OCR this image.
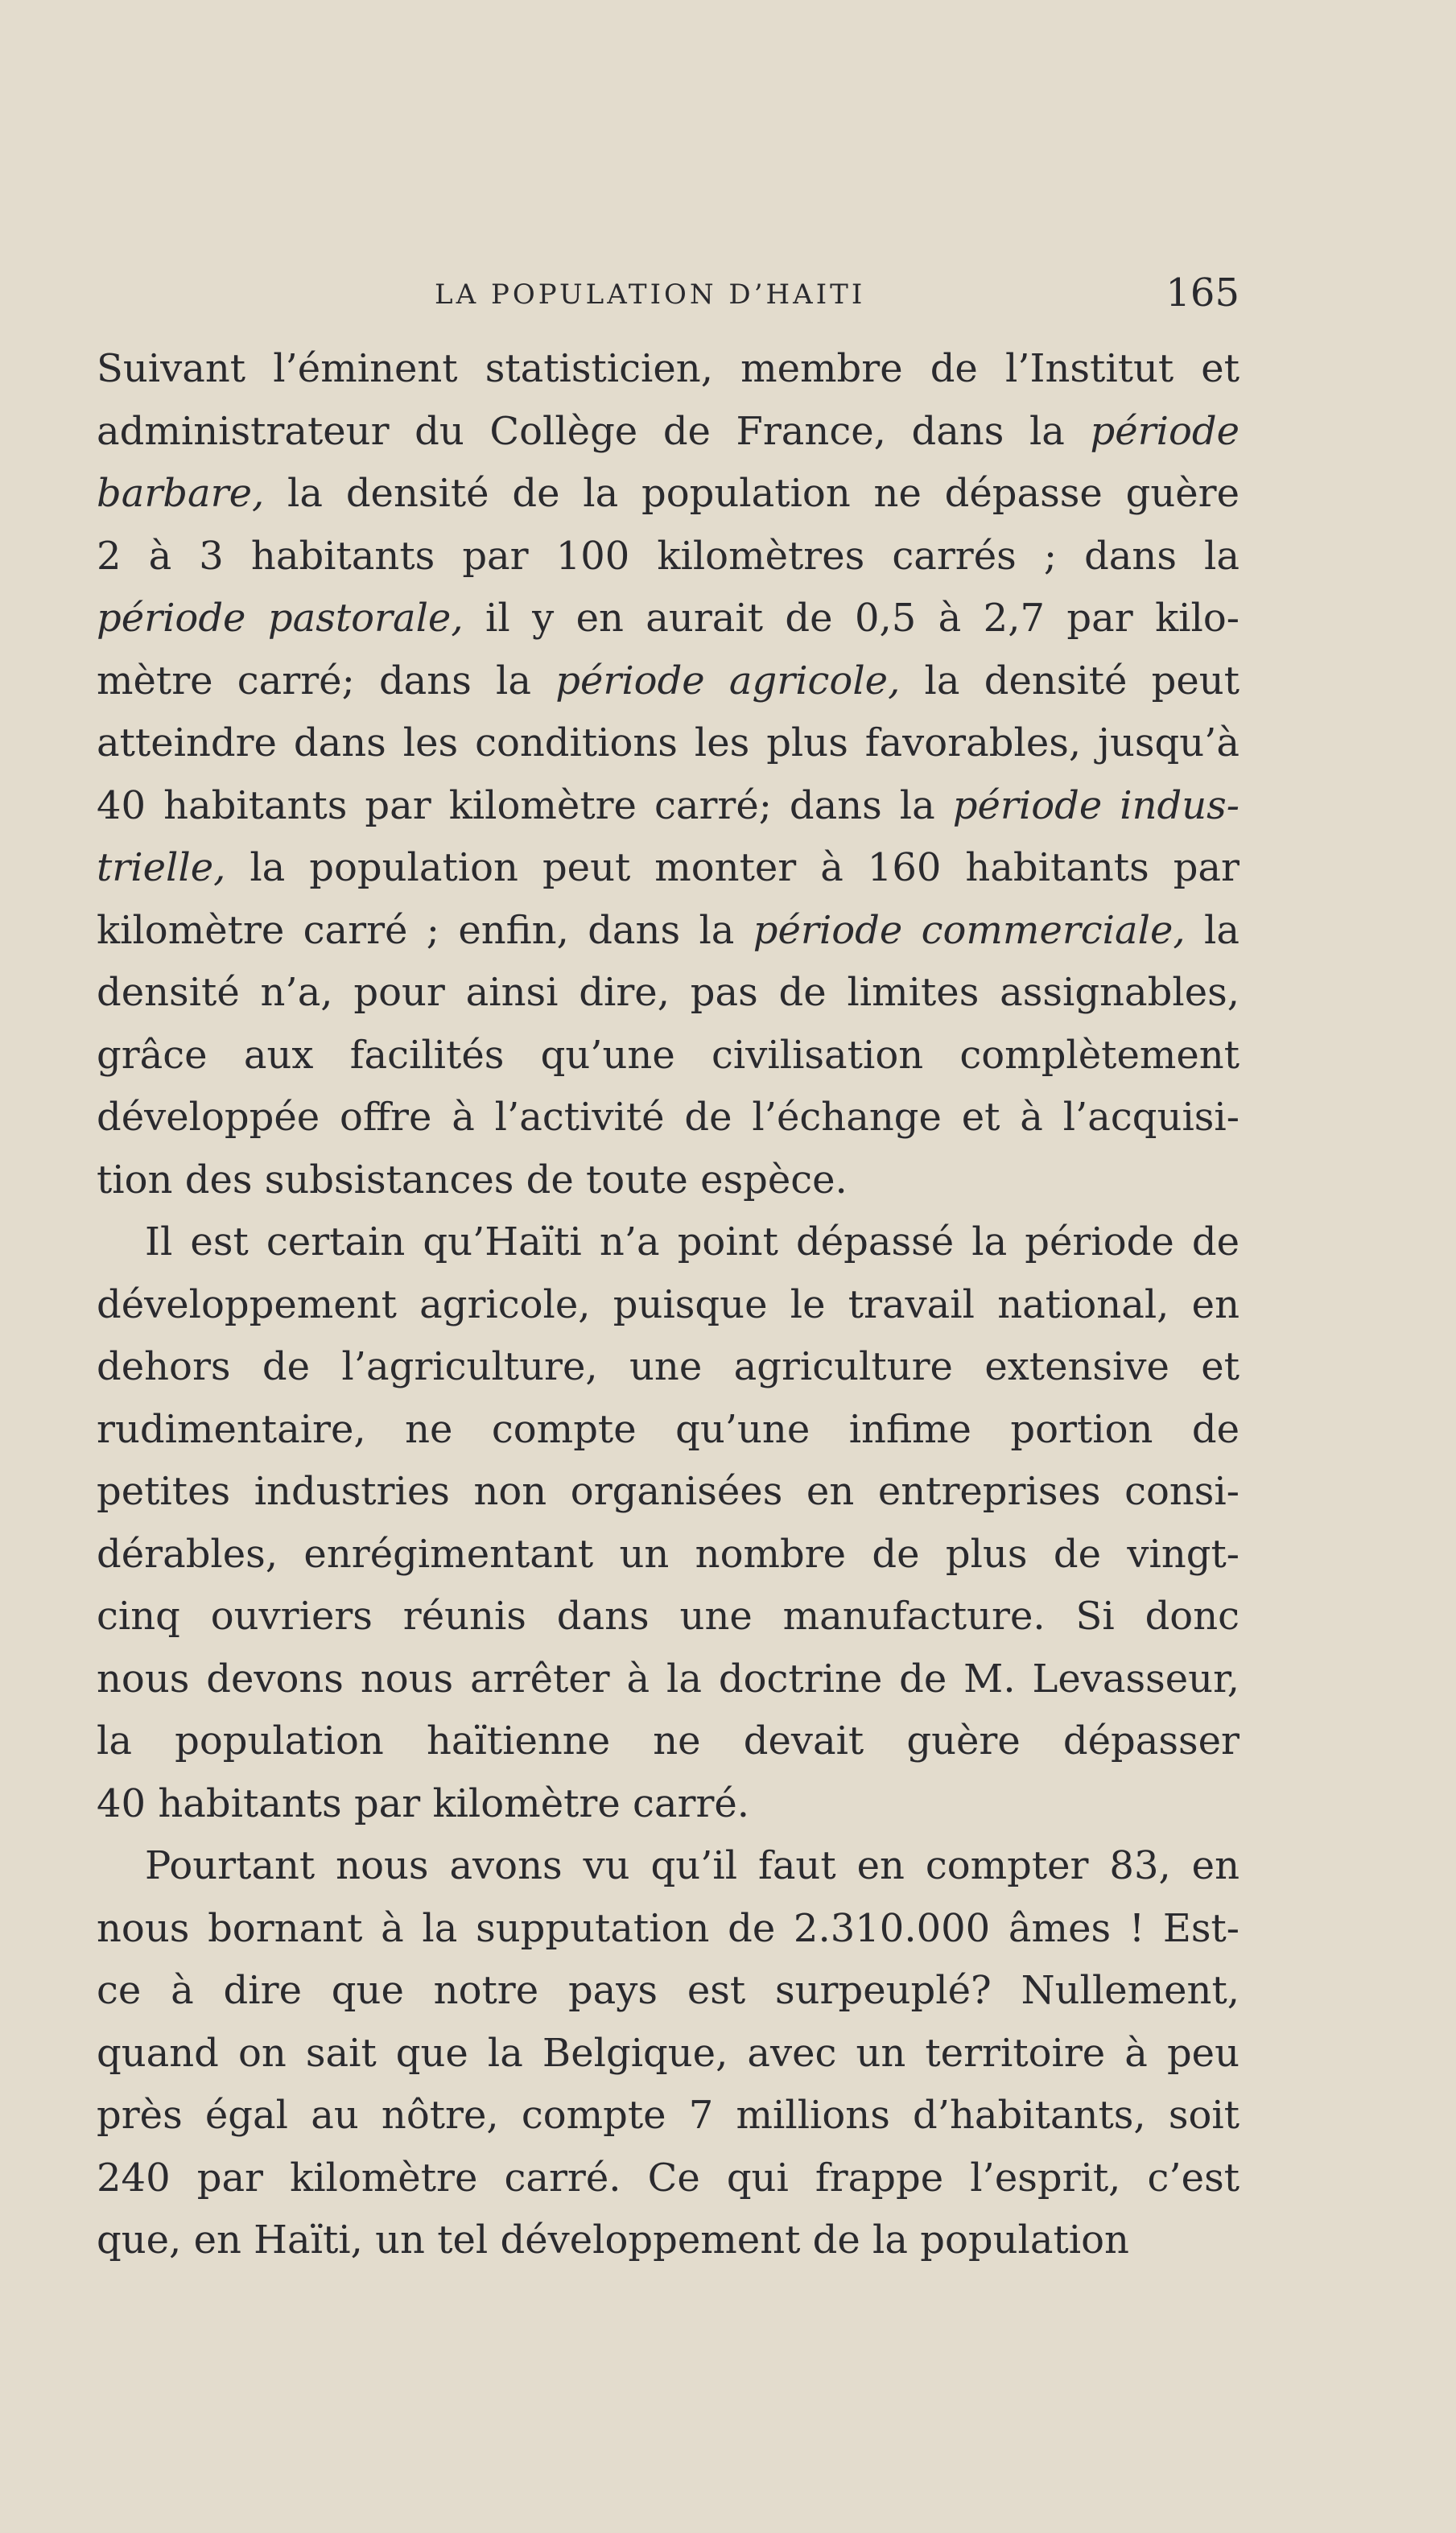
LA POPULATION D’HAITI	165
Suivant l’éminent statisticien, membre de l’Institut et
administrateur du Collège de France, dans la période
barbare, la densité de la population ne dépasse guère
2 à 3 habitants par 100 kilomètres carrés ; dans la
période pastorale, il y en aurait de 0,5 à 2,7 par kilo-
mètre carré; dans la période agricole, la densité peut
atteindre dans les conditions les plus favorables, jusqu’à
40 habitants par kilomètre carré; dans la période indus-
trielle, la population peut monter à 160 habitants par
kilomètre carré ; enfin, dans la période commerciale, la
densité n’a, pour ainsi dire, pas de limites assignables,
grâce aux facilités qu’une civilisation complètement
développée offre à l’activité de l’échange et à l’acquisi-
tion des subsistances de toute espèce.
Il est certain qu’Haïti n’a point dépassé la période de
développement agricole, puisque le travail national, en
dehors de l’agriculture, une agriculture extensive et
rudimentaire, ne compte qu’une infime portion de
petites industries non organisées en entreprises consi-
dérables, enrégimentant un nombre de plus de vingt-
cinq ouvriers réunis dans une manufacture. Si donc
nous devons nous arrêter à la doctrine de M. Levasseur,
la population haïtienne ne devait guère dépasser
40 habitants par kilomètre carré.
Pourtant nous avons vu qu’il faut en compter 83, en
nous bornant à la supputation de 2.310.000 âmes ! Est-
ce à dire que notre pays est surpeuplé? Nullement,
quand on sait que la Belgique, avec un territoire à peu
près égal au nôtre, compte 7 millions d’habitants, soit
240 par kilomètre carré. Ce qui frappe l’esprit, c’est
que, en Haïti, un tel développement de la population
